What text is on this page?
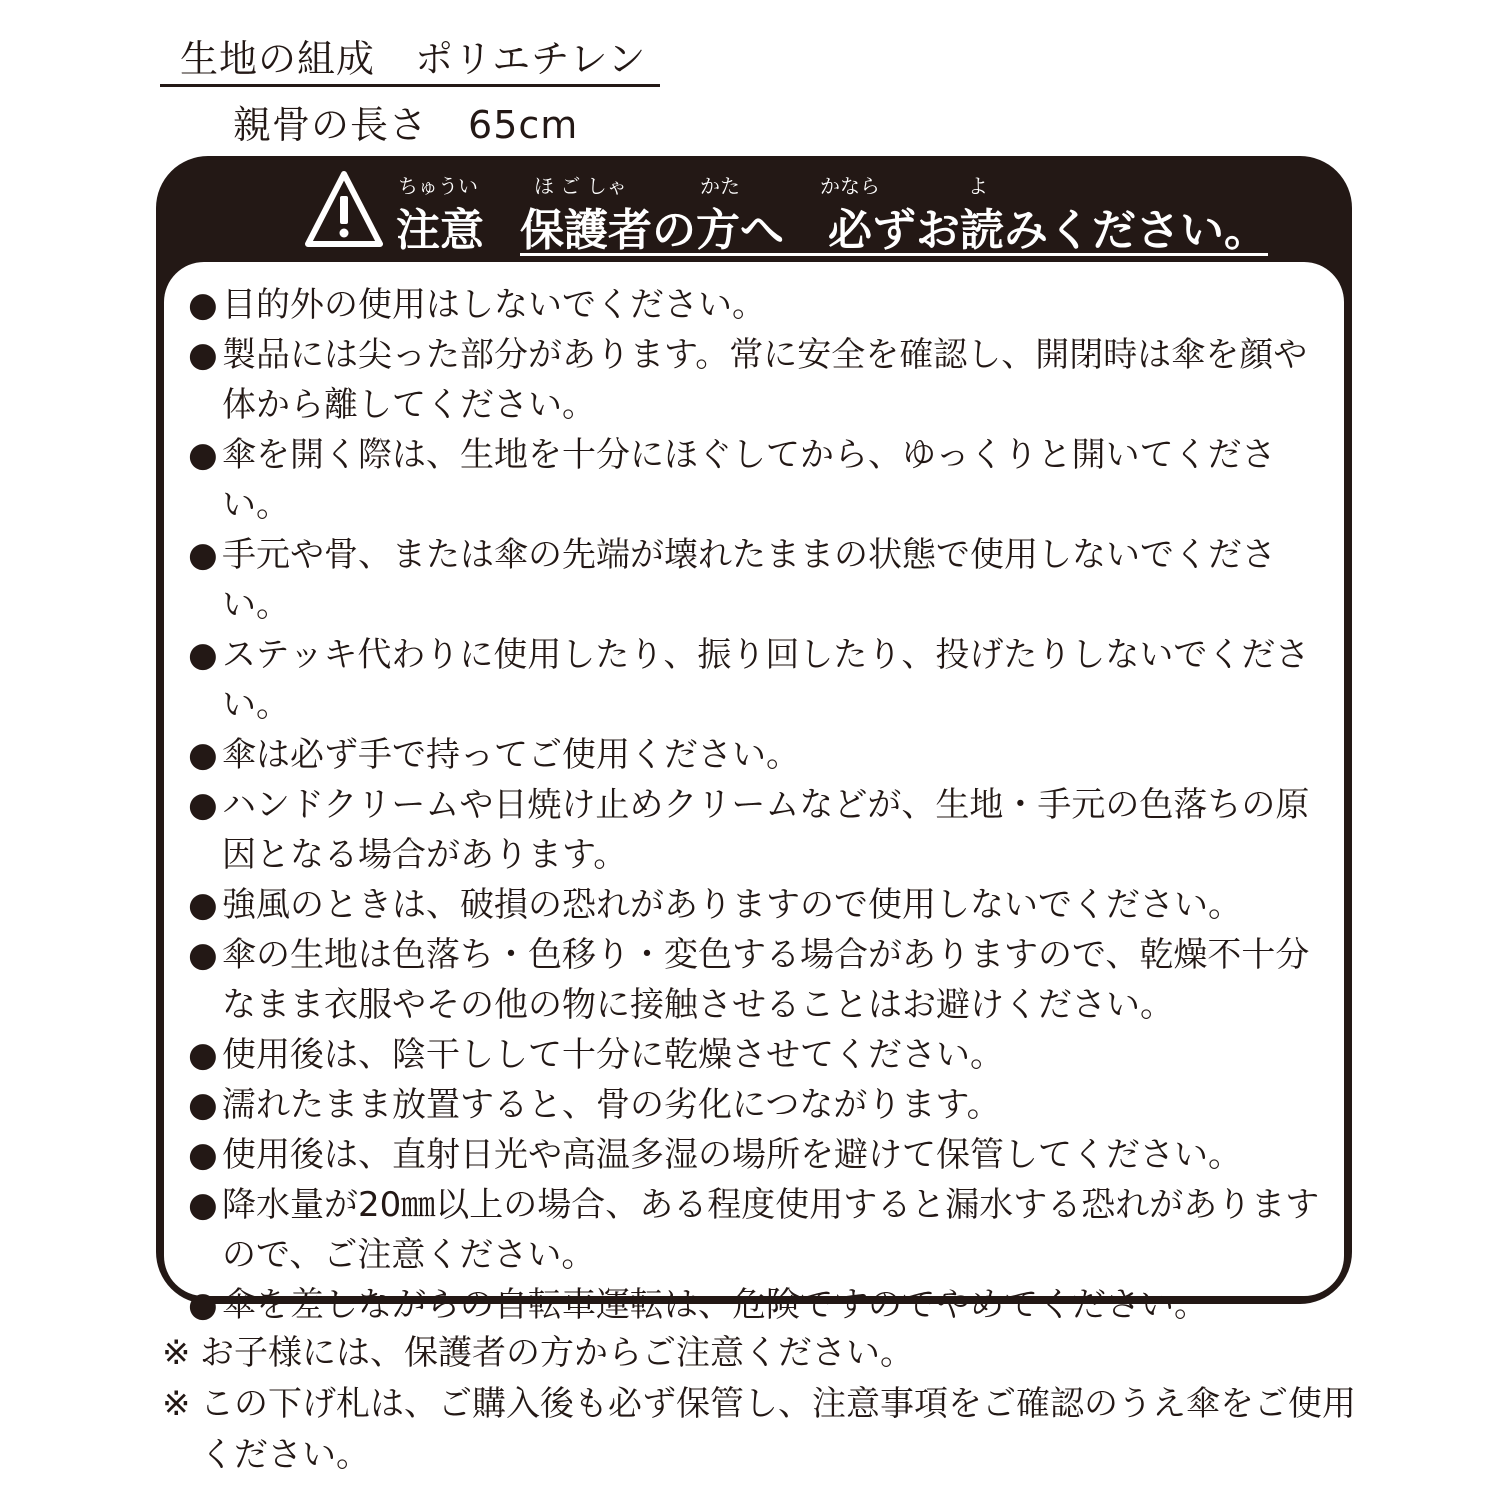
生地の組成 ポリエチレン
親骨の長さ 65cm
ちゅうい	ほ ご しゃ	かた	かなら	よ
注意 保護者の方へ　必ずお読みください。
● 目的外の使用はしないでください。
● 製品には尖った部分があります。常に安全を確認し、開閉時は傘を顔や体から離してください。
● 傘を開く際は、生地を十分にほぐしてから、ゆっくりと開いてください。
● 手元や骨、または傘の先端が壊れたままの状態で使用しないでください。
● ステッキ代わりに使用したり、振り回したり、投げたりしないでください。
● 傘は必ず手で持ってご使用ください。
● ハンドクリームや日焼け止めクリームなどが、生地・手元の色落ちの原因となる場合があります。
● 強風のときは、破損の恐れがありますので使用しないでください。
● 傘の生地は色落ち・色移り・変色する場合がありますので、乾燥不十分なまま衣服やその他の物に接触させることはお避けください。
● 使用後は、陰干しして十分に乾燥させてください。
● 濡れたまま放置すると、骨の劣化につながります。
● 使用後は、直射日光や高温多湿の場所を避けて保管してください。
● 降水量が20㎜以上の場合、ある程度使用すると漏水する恐れがありますので、ご注意ください。
● 傘を差しながらの自転車運転は、危険ですのでやめてください。
※ お子様には、保護者の方からご注意ください。
※ この下げ札は、ご購入後も必ず保管し、注意事項をご確認のうえ傘をご使用ください。
